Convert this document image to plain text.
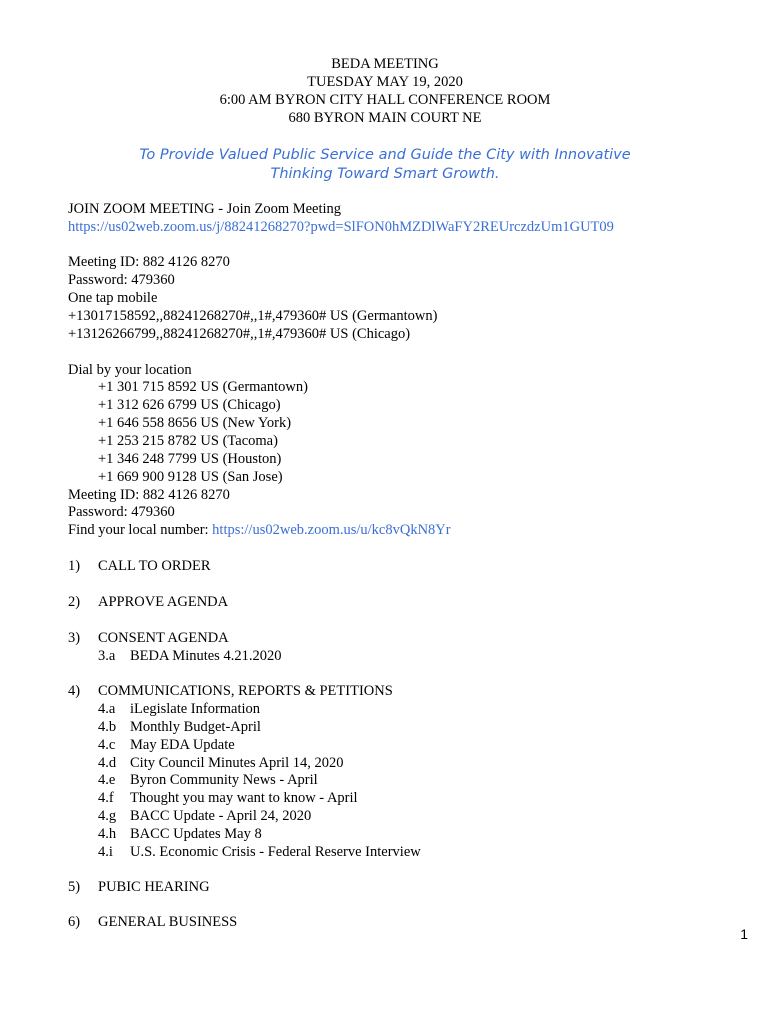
BEDA MEETING
TUESDAY MAY 19, 2020
6:00 AM BYRON CITY HALL CONFERENCE ROOM
680 BYRON MAIN COURT NE
To Provide Valued Public Service and Guide the City with Innovative
Thinking Toward Smart Growth.
JOIN ZOOM MEETING - Join Zoom Meeting
https://us02web.zoom.us/j/88241268270?pwd=SlFON0hMZDlWaFY2REUrczdzUm1GUT09
Meeting ID: 882 4126 8270
Password: 479360
One tap mobile
+13017158592,,88241268270#,,1#,479360# US (Germantown)
+13126266799,,88241268270#,,1#,479360# US (Chicago)
Dial by your location
+1 301 715 8592 US (Germantown)
+1 312 626 6799 US (Chicago)
+1 646 558 8656 US (New York)
+1 253 215 8782 US (Tacoma)
+1 346 248 7799 US (Houston)
+1 669 900 9128 US (San Jose)
Meeting ID: 882 4126 8270
Password: 479360
Find your local number: https://us02web.zoom.us/u/kc8vQkN8Yr
1) CALL TO ORDER
2) APPROVE AGENDA
3) CONSENT AGENDA
3.a BEDA Minutes 4.21.2020
4) COMMUNICATIONS, REPORTS & PETITIONS
4.a iLegislate Information
4.b Monthly Budget-April
4.c May EDA Update
4.d City Council Minutes April 14, 2020
4.e Byron Community News - April
4.f Thought you may want to know - April
4.g BACC Update - April 24, 2020
4.h BACC Updates May 8
4.i U.S. Economic Crisis - Federal Reserve Interview
5) PUBIC HEARING
6) GENERAL BUSINESS
1
